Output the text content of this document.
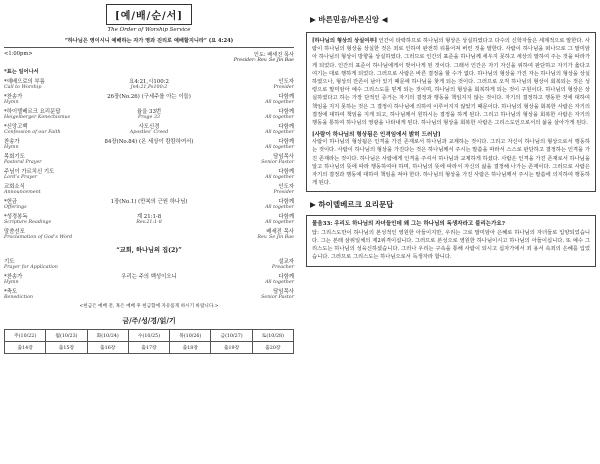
[예/배/순/서]
The Order of Worship Service
“하나님은 영이시니 예배하는 자가 영과 진리로 예배할지니라” (요 4:24)
<1:00pm>	인도: 배세진 목사
Presider: Rev. Se Jin Bae
*표는 일어나서
*예배으로의 부름	요4:21,시100:2	인도자
Call to Worship	Jn4:21,Ps100:2	Presider
*찬송가	26장(No.26) (구세주를 아는 이들)	다함께
Hymn	All together
*하이델베르크 요리문답	율을 33번	다함께
Heigelberger Konechismus	Proge 33	All together
*신앙고백	사도신경	다함께
Confession of our Faith	Apostles’ Creed	All together
찬송가	84장(No.84) (온 세상이 캄캄하여서)	다함께
Hymn	All together
목회기도	담임목사
Pastoral Prayer	Senior Pastor
주님이 가르치신 기도	다함께
Lord’s Prayer	All together
교회소식	인도자
Announcement	Presider
*헌금	1장(No.1) (만복의 근원 하나님)	다함께
Offerings	All together
*성경봉독	계 21:1-8	다함께
Scripture Readings	Rev.21:1-8	All together
말씀선포	배세진 목사
Proclamation of God’s Word	Rev. Se Jin Bae
“교회, 하나님의 집(2)”
기도	설교자
Prayer for Application	Preacher
*찬송가	우리는 주의 백성이오니	다함께
Hymn	All together
*축도	담임목사
Benediction	Senior Pastor
<헌금은 예배 전, 혹은 예배 후 헌금함에 자유롭게 하시기 바랍니다.>
금/주/성/경/읽/기
주(10/22)	월(10/23)	화(10/24)	수(10/25)	목(10/26)	금(10/27)	토(10/28)
출14장	출15장	출16장	출17장	출18장	출19장	출20장
▶ 바른믿음/바른신앙 ◀
[하나님의 형상의 상실여부] 인간이 타락하므로 하나님의 형상은 상실하였다고 다수의 신학자들은 세계적으로 말한다. 사람이 하나님의 형상을 상실한 것은 죄로 인하여 완전히 뒤틀어져 버린 것을 말한다. 사람이 하나님을 떠나므로 그 말미암아 하나님의 형상이 방향을 상실하였다. 그러므로 인간의 표준을 하나님께 세우지 못하고 세상의 말하여 주는 것을 따라가게 되었다. 인간의 표준이 하나님에게서 벗어나게 된 것이다. 그래서 인간은 자기 자신을 위하여 판단하고 자기가 옳다고 여기는 대로 행하게 되었다. 그러므로 사람은 바른 결정을 할 수가 없다. 하나님의 형상을 가진 자는 하나님의 형상을 상실하였으나, 형상의 잔존이 남아 있기 때문에 하나님을 찾게 되는 것이다. 그러므로 오직 하나님의 형상이 회복되는 것은 성령으로 말미암아 예수 그리스도를 믿게 되는 것이며, 하나님의 형상을 회복하게 되는 것이 구원이다. 하나님의 형상은 상실하였다고 하는 가장 단적인 증거는 자기의 결정과 행동을 책임지지 않는 것이다. 자기의 결정하고 행동한 것에 대하여 책임을 지지 못하는 것은 그 결정이 하나님에 의하여 이루어지지 않았기 때문이다. 하나님의 형상을 회복한 사람은 자기의 결정에 대하여 책임을 지게 되고, 하나님께서 원하시는 결정을 하게 된다. 그리고 하나님의 형상을 회복한 사람은 자기의 행동을 통하여 하나님의 영광을 나타내게 된다. 하나님의 형상을 회복한 사람은 그리스도인으로서의 삶을 살아가게 된다.
[사람이 하나님의 형상됨은 인격임에서 밝히 드러남]
사람이 하나님의 형상됨은 인격을 가진 존재로서 하나님과 교제하는 것이다. 그리고 자신이 하나님의 형상으로서 행동하는 것이다. 사람이 하나님의 형상을 가진다는 것은 하나님께서 주시는 말씀을 따라서 스스로 판단하고 결정하는 인격을 가진 존재라는 것이다. 하나님은 사람에게 인격을 주셔서 하나님과 교제하게 하셨다. 사람은 인격을 가진 존재로서 하나님을 알고 하나님의 뜻에 따라 행동하여야 하며, 하나님의 뜻에 따라서 자신의 삶을 결정해 나가는 존재이다. 그러므로 사람은 자기의 결정과 행동에 대하여 책임을 져야 한다. 하나님의 형상을 가진 사람은 하나님께서 주시는 말씀에 의지하여 행동하게 된다.
▶ 하이델베르크 요리문답
물음33: 우리도 하나님의 자녀들인데 왜 그는 하나님의 독생자라고 불리는가요?
답: 그리스도만이 하나님의 본성적인 영원한 아들이지만, 우리는 그로 말미암아 은혜로 하나님의 자녀들로 입양되었습니다. 그는 본래 삼위일체의 제2위격이십니다. 그러므로 본성으로 영원한 하나님이시고 하나님의 아들이십니다. 또 예수 그리스도는 하나님의 성육신하셨습니다. 그러나 우리는 구속을 통해 사람이 되시고 십자가에서 죄 용서 속죄의 은혜를 입었습니다. 그러므로 그리스도는 하나님으로서 독생자라 합니다.
